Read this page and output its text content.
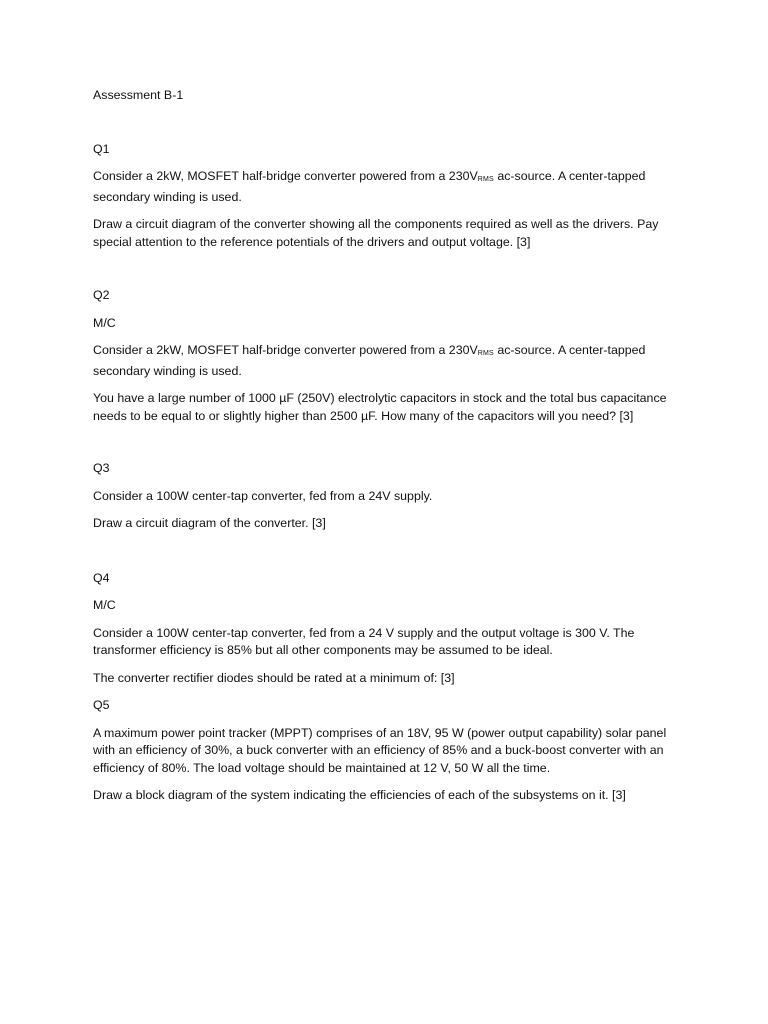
Assessment B-1

Q1

Consider a 2kW, MOSFET half-bridge converter powered from a 230VRMS ac-source. A center-tapped secondary winding is used.

Draw a circuit diagram of the converter showing all the components required as well as the drivers. Pay special attention to the reference potentials of the drivers and output voltage. [3]

Q2

M/C

Consider a 2kW, MOSFET half-bridge converter powered from a 230VRMS ac-source. A center-tapped secondary winding is used.

You have a large number of 1000 µF (250V) electrolytic capacitors in stock and the total bus capacitance needs to be equal to or slightly higher than 2500 µF. How many of the capacitors will you need? [3]

Q3

Consider a 100W center-tap converter, fed from a 24V supply.

Draw a circuit diagram of the converter. [3]

Q4

M/C

Consider a 100W center-tap converter, fed from a 24 V supply and the output voltage is 300 V. The transformer efficiency is 85% but all other components may be assumed to be ideal.

The converter rectifier diodes should be rated at a minimum of: [3]

Q5

A maximum power point tracker (MPPT) comprises of an 18V, 95 W (power output capability) solar panel with an efficiency of 30%, a buck converter with an efficiency of 85% and a buck-boost converter with an efficiency of 80%. The load voltage should be maintained at 12 V, 50 W all the time.

Draw a block diagram of the system indicating the efficiencies of each of the subsystems on it. [3]
